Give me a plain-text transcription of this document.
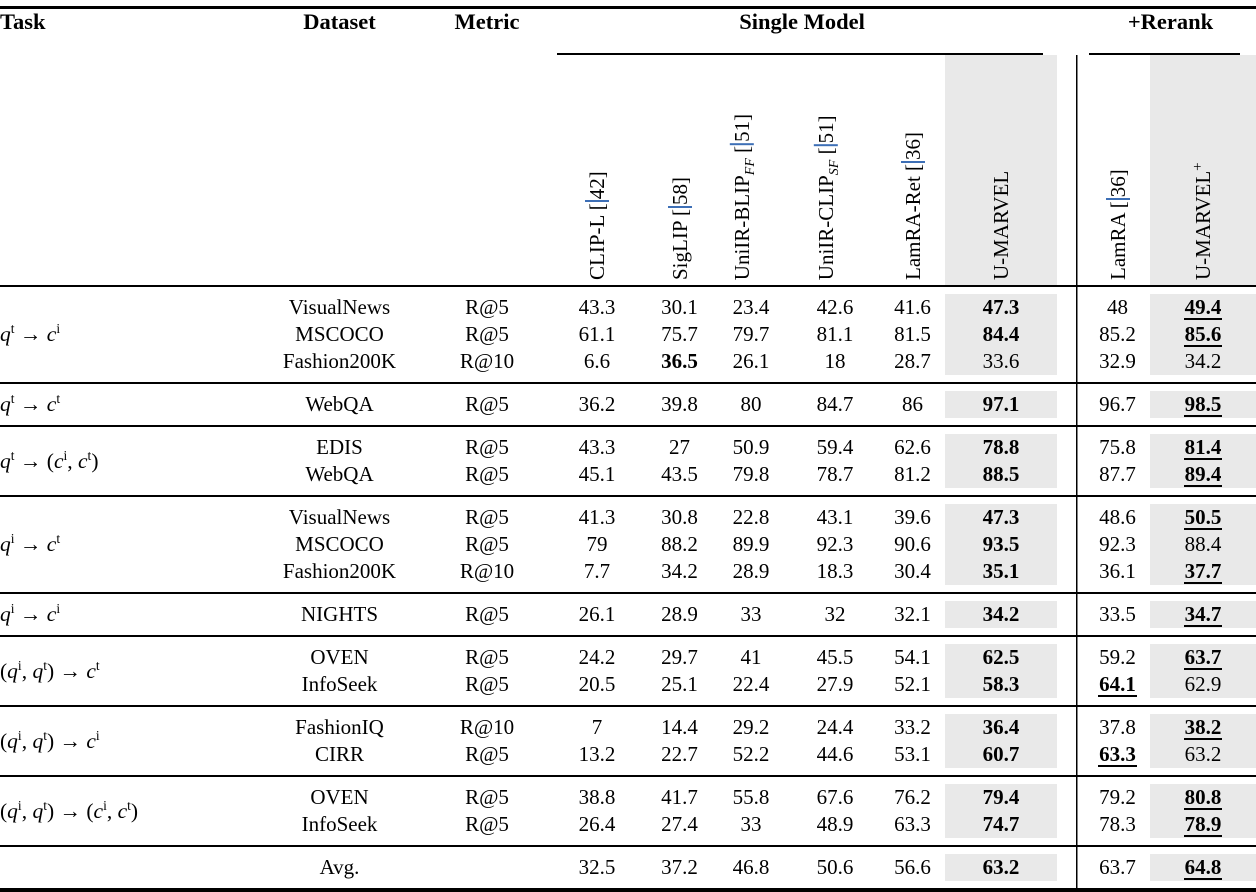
Task	Dataset	Metric	Single Model							+Rerank	

			CLIP-L [42]	SigLIP [58]	UniIR-$BLIP_{FF}$ [51]	UniIR-$CLIP_{SF}$ [51]	LamRA-Ret [36]	U-MARVEL		LamRA [36]	U-MARVEL+

$q^t \to c^i$	VisualNews	R@5	43.3	30.1	23.4	42.6	41.6	47.3		48	49.4
	MSCOCO	R@5	61.1	75.7	79.7	81.1	81.5	84.4		85.2	85.6
	Fashion200K	R@10	6.6	36.5	26.1	18	28.7	33.6		32.9	34.2

$q^t \to c^t$	WebQA	R@5	36.2	39.8	80	84.7	86	97.1		96.7	98.5

$q^t \to (c^i$, $c^t$)	EDIS	R@5	43.3	27	50.9	59.4	62.6	78.8		75.8	81.4
	WebQA	R@5	45.1	43.5	79.8	78.7	81.2	88.5		87.7	89.4

$q^i \to c^t$	VisualNews	R@5	41.3	30.8	22.8	43.1	39.6	47.3		48.6	50.5
	MSCOCO	R@5	79	88.2	89.9	92.3	90.6	93.5		92.3	88.4
	Fashion200K	R@10	7.7	34.2	28.9	18.3	30.4	35.1		36.1	37.7

$q^i \to c^i$	NIGHTS	R@5	26.1	28.9	33	32	32.1	34.2		33.5	34.7

($q^i$, $q^t) \to c^t$	OVEN	R@5	24.2	29.7	41	45.5	54.1	62.5		59.2	63.7
	InfoSeek	R@5	20.5	25.1	22.4	27.9	52.1	58.3		64.1	62.9

($q^i$, $q^t) \to c^i$	FashionIQ	R@10	7	14.4	29.2	24.4	33.2	36.4		37.8	38.2
	CIRR	R@5	13.2	22.7	52.2	44.6	53.1	60.7		63.3	63.2

($q^i$, $q^t) \to (c^i$, $c^t$)	OVEN	R@5	38.8	41.7	55.8	67.6	76.2	79.4		79.2	80.8
	InfoSeek	R@5	26.4	27.4	33	48.9	63.3	74.7		78.3	78.9

	Avg.		32.5	37.2	46.8	50.6	56.6	63.2		63.7	64.8
